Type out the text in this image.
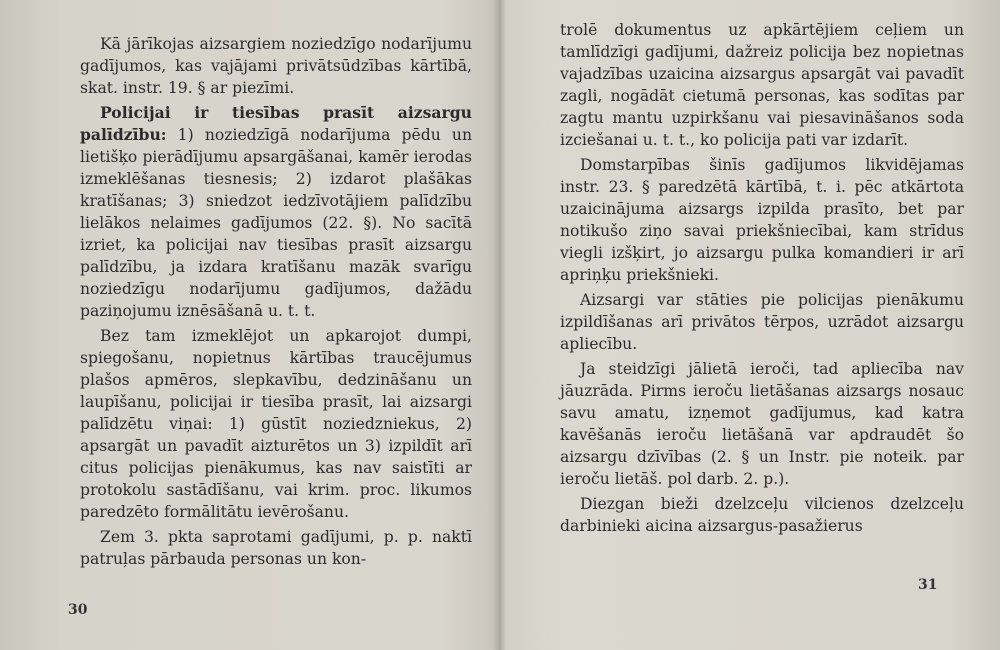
Kā jārīkojas aizsargiem noziedzīgo nodarījumu gadījumos, kas vajājami privātsūdzības kārtībā, skat. instr. 19. § ar piezīmi.

Policijai ir tiesības prasīt aizsargu palīdzību: 1) noziedzīgā nodarījuma pēdu un lietišķo pierādījumu apsargāšanai, kamēr ierodas izmeklēšanas tiesnesis; 2) izdarot plašākas kratīšanas; 3) sniedzot iedzīvotājiem palīdzību lielākos nelaimes gadījumos (22. §). No sacītā izriet, ka policijai nav tiesības prasīt aizsargu palīdzību, ja izdara kratīšanu mazāk svarīgu noziedzīgu nodarījumu gadījumos, dažādu paziņojumu iznēsāšanā u. t. t.

Bez tam izmeklējot un apkarojot dumpi, spiegošanu, nopietnus kārtības traucējumus plašos apmēros, slepkavību, dedzināšanu un laupīšanu, policijai ir tiesība prasīt, lai aizsargi palīdzētu viņai: 1) gūstīt noziedzniekus, 2) apsargāt un pavadīt aizturētos un 3) izpildīt arī citus policijas pienākumus, kas nav saistīti ar protokolu sastādīšanu, vai krim. proc. likumos paredzēto formālitātu ievērošanu.

Zem 3. pkta saprotami gadījumi, p. p. naktī patruļas pārbauda personas un kon-

30

trolē dokumentus uz apkārtējiem ceļiem un tamlīdzīgi gadījumi, dažreiz policija bez nopietnas vajadzības uzaicina aizsargus apsargāt vai pavadīt zagli, nogādāt cietumā personas, kas sodītas par zagtu mantu uzpirkšanu vai piesavināšanos soda izciešanai u. t. t., ko policija pati var izdarīt.

Domstarpības šinīs gadījumos likvidējamas instr. 23. § paredzētā kārtībā, t. i. pēc atkārtota uzaicinājuma aizsargs izpilda prasīto, bet par notikušo ziņo savai priekšniecībai, kam strīdus viegli izšķirt, jo aizsargu pulka komandieri ir arī apriņķu priekšnieki.

Aizsargi var stāties pie policijas pienākumu izpildīšanas arī privātos tērpos, uzrādot aizsargu apliecību.

Ja steidzīgi jālietā ieroči, tad apliecība nav jāuzrāda. Pirms ieroču lietāšanas aizsargs nosauc savu amatu, izņemot gadījumus, kad katra kavēšanās ieroču lietāšanā var apdraudēt šo aizsargu dzīvības (2. § un Instr. pie noteik. par ieroču lietāš. pol darb. 2. p.).

Diezgan bieži dzelzceļu vilcienos dzelzceļu darbinieki aicina aizsargus-pasažierus

31
